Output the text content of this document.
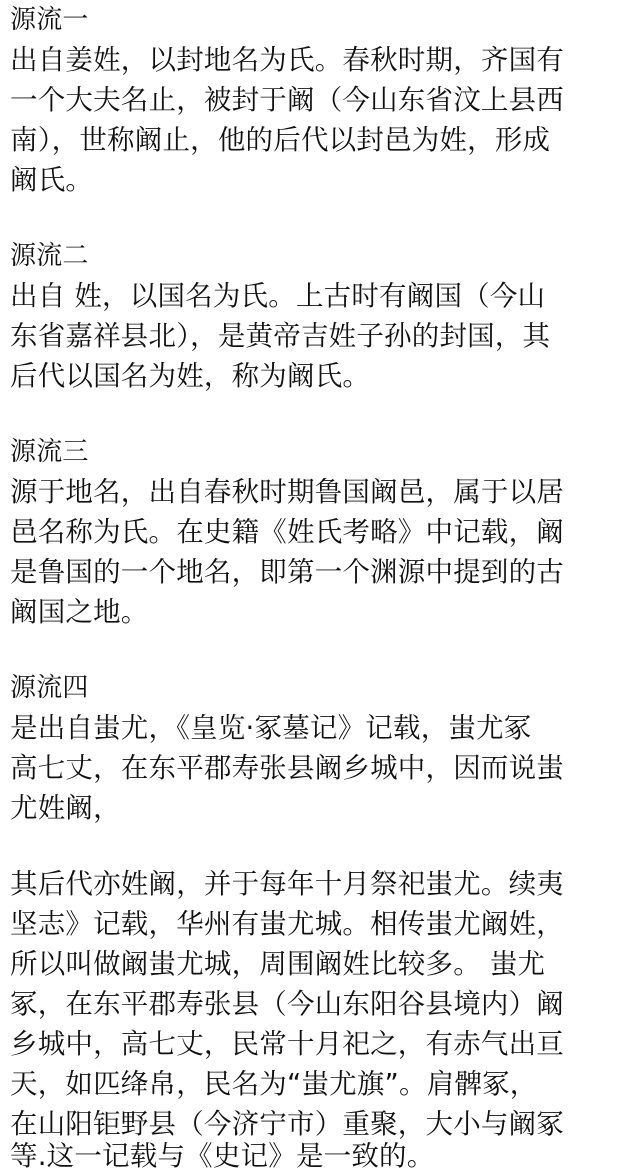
源流一
出自姜姓，以封地名为氏。春秋时期，齐国有
一个大夫名止，被封于阚（今山东省汶上县西
南），世称阚止，他的后代以封邑为姓，形成
阚氏。
源流二
出自 姓，以国名为氏。上古时有阚国（今山
东省嘉祥县北），是黄帝吉姓子孙的封国，其
后代以国名为姓，称为阚氏。
源流三
源于地名，出自春秋时期鲁国阚邑，属于以居
邑名称为氏。在史籍《姓氏考略》中记载，阚
是鲁国的一个地名，即第一个渊源中提到的古
阚国之地。
源流四
是出自蚩尤，《皇览·冢墓记》记载，蚩尤冢
高七丈，在东平郡寿张县阚乡城中，因而说蚩
尤姓阚，
其后代亦姓阚，并于每年十月祭祀蚩尤。续夷
坚志》记载，华州有蚩尤城。相传蚩尤阚姓，
所以叫做阚蚩尤城，周围阚姓比较多。 蚩尤
冢，在东平郡寿张县（今山东阳谷县境内）阚
乡城中，高七丈，民常十月祀之，有赤气出亘
天，如匹绛帛，民名为“蚩尤旗”。肩髀冢，
在山阳钜野县（今济宁市）重聚，大小与阚冢
等.这一记载与《史记》是一致的。
